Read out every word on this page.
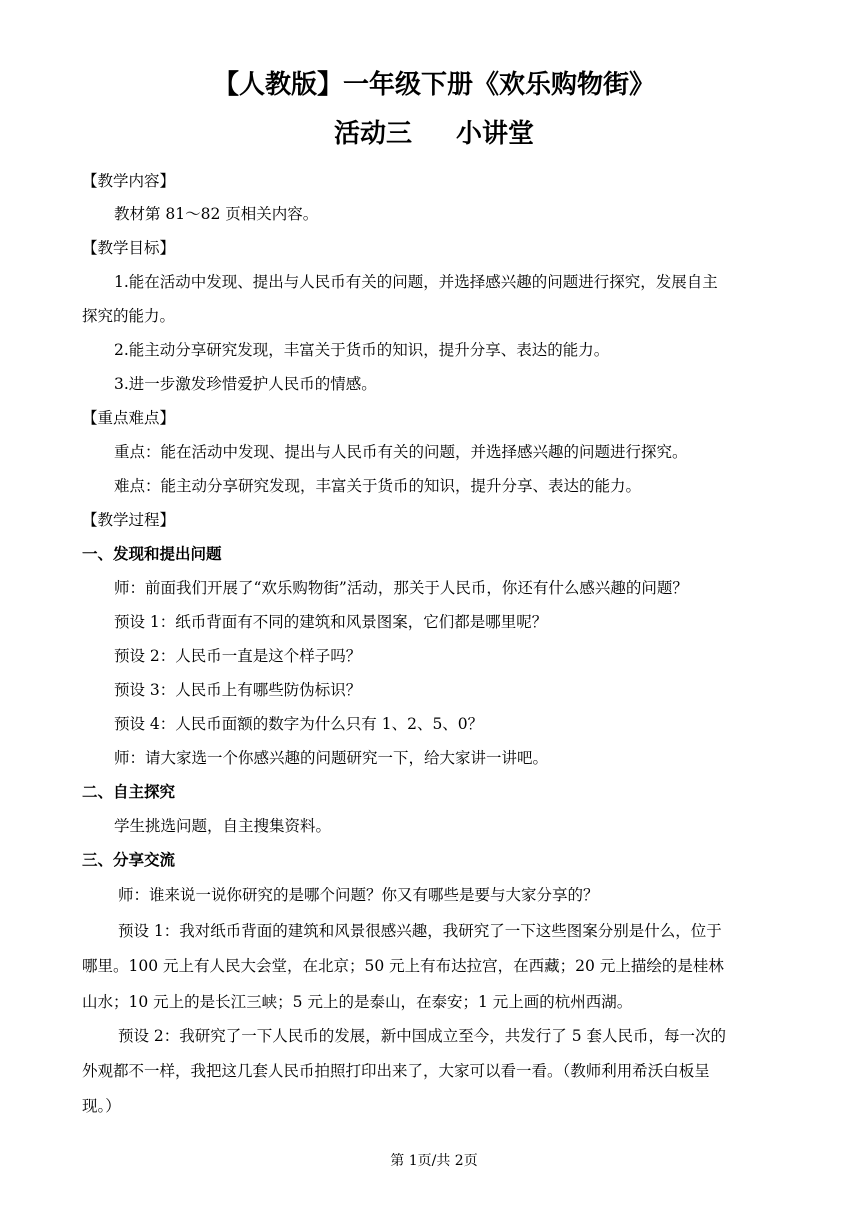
【人教版】一年级下册《欢乐购物街》
活动三 小讲堂
【教学内容】
教材第 81～82 页相关内容。
【教学目标】
1.能在活动中发现、提出与人民币有关的问题，并选择感兴趣的问题进行探究，发展自主
探究的能力。
2.能主动分享研究发现，丰富关于货币的知识，提升分享、表达的能力。
3.进一步激发珍惜爱护人民币的情感。
【重点难点】
重点：能在活动中发现、提出与人民币有关的问题，并选择感兴趣的问题进行探究。
难点：能主动分享研究发现，丰富关于货币的知识，提升分享、表达的能力。
【教学过程】
一、发现和提出问题
师：前面我们开展了“欢乐购物街”活动，那关于人民币，你还有什么感兴趣的问题？
预设 1：纸币背面有不同的建筑和风景图案，它们都是哪里呢？
预设 2：人民币一直是这个样子吗？
预设 3：人民币上有哪些防伪标识？
预设 4：人民币面额的数字为什么只有 1、2、5、0？
师：请大家选一个你感兴趣的问题研究一下，给大家讲一讲吧。
二、自主探究
学生挑选问题，自主搜集资料。
三、分享交流
师：谁来说一说你研究的是哪个问题？你又有哪些是要与大家分享的？
预设 1：我对纸币背面的建筑和风景很感兴趣，我研究了一下这些图案分别是什么，位于
哪里。100 元上有人民大会堂，在北京；50 元上有布达拉宫，在西藏；20 元上描绘的是桂林
山水；10 元上的是长江三峡；5 元上的是泰山，在泰安；1 元上画的杭州西湖。
预设 2：我研究了一下人民币的发展，新中国成立至今，共发行了 5 套人民币，每一次的
外观都不一样，我把这几套人民币拍照打印出来了，大家可以看一看。（教师利用希沃白板呈
现。）
第 1页/共 2页
